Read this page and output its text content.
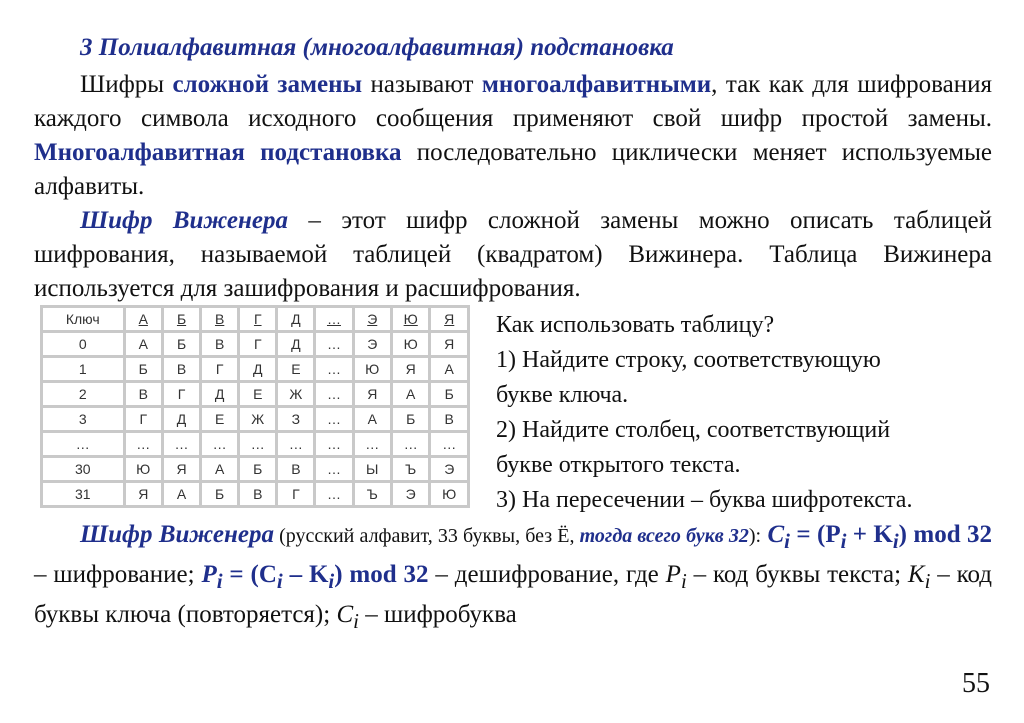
3 Полиалфавитная (многоалфавитная) подстановка
Шифры сложной замены называют многоалфавитными, так как для шифрования каждого символа исходного сообщения применяют свой шифр простой замены. Многоалфавитная подстановка последовательно циклически меняет используемые алфавиты.
Шифр Виженера – этот шифр сложной замены можно описать таблицей шифрования, называемой таблицей (квадратом) Вижинера. Таблица Вижинера используется для зашифрования и расшифрования.
Ключ	А	Б	В	Г	Д	…	Э	Ю	Я
0	А	Б	В	Г	Д	…	Э	Ю	Я
1	Б	В	Г	Д	Е	…	Ю	Я	А
2	В	Г	Д	Е	Ж	…	Я	А	Б
3	Г	Д	Е	Ж	З	…	А	Б	В
…	…	…	…	…	…	…	…	…	…
30	Ю	Я	А	Б	В	…	Ы	Ъ	Э
31	Я	А	Б	В	Г	…	Ъ	Э	Ю
Как использовать таблицу?
1) Найдите строку, соответствующую
букве ключа.
2) Найдите столбец, соответствующий
букве открытого текста.
3) На пересечении – буква шифротекста.
Шифр Виженера (русский алфавит, 33 буквы, без Ё, тогда всего букв 32): $C_i = (P_i + K_i)$ mod 32 – шифрование; $P_i = (C_i - K_i)$ mod 32 – дешифрование, где $P_i$ – код буквы текста; $K_i$ – код буквы ключа (повторяется); $C_i$ – шифробуква
55
